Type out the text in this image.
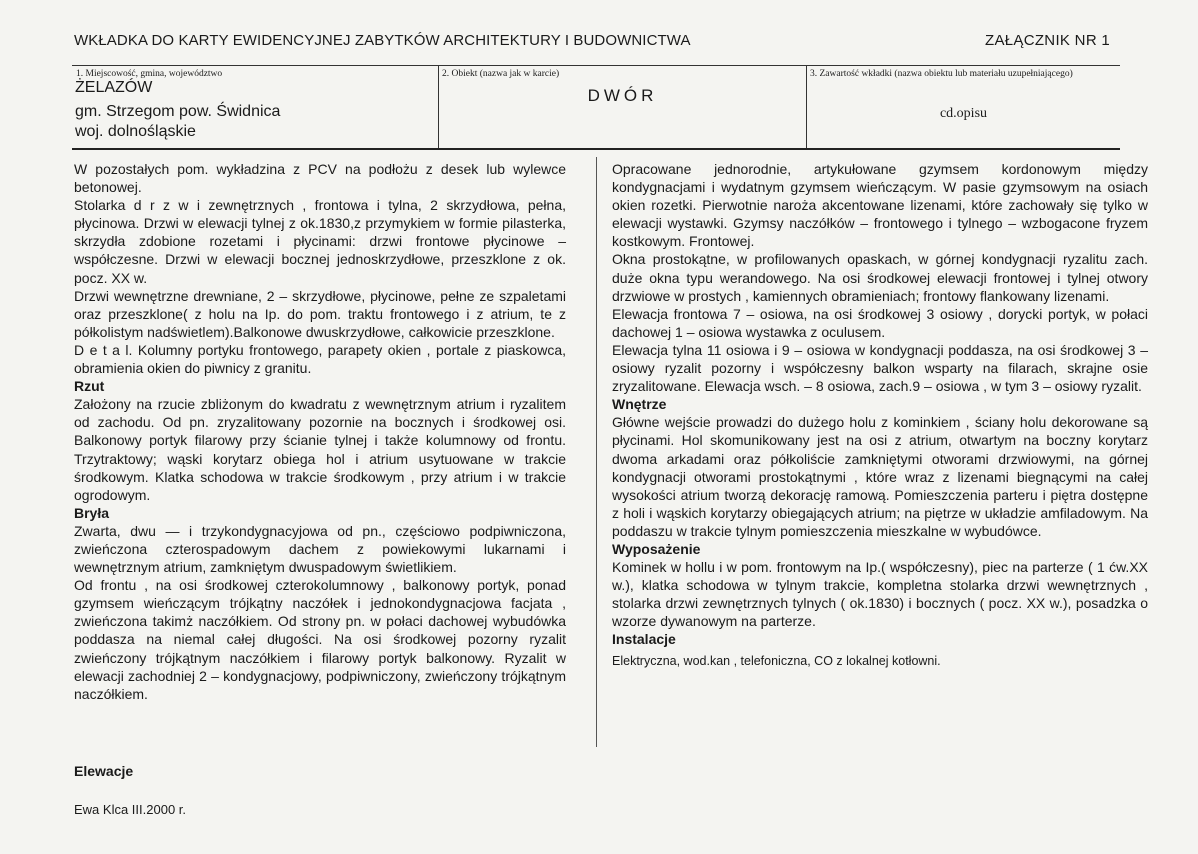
WKŁADKA DO KARTY EWIDENCYJNEJ ZABYTKÓW ARCHITEKTURY I BUDOWNICTWA	ZAŁĄCZNIK NR 1
1. Miejscowość, gmina, województwo
ŻELAZÓW
gm. Strzegom pow. Świdnica
woj. dolnośląskie
2. Obiekt (nazwa jak w karcie)
DWÓR
3. Zawartość wkładki (nazwa obiektu lub materiału uzupełniającego)
cd.opisu

W pozostałych pom. wykładzina z PCV na podłożu z desek lub wylewce betonowej.

Stolarka d r z w i zewnętrznych , frontowa i tylna, 2 skrzydłowa, pełna, płycinowa. Drzwi w elewacji tylnej z ok.1830,z przymykiem w formie pilasterka, skrzydła zdobione rozetami i płycinami: drzwi frontowe płycinowe – współczesne. Drzwi w elewacji bocznej jednoskrzydłowe, przeszklone z ok. pocz. XX w.

Drzwi wewnętrzne drewniane, 2 – skrzydłowe, płycinowe, pełne ze szpaletami oraz przeszklone( z holu na Ip. do pom. traktu frontowego i z atrium, te z półkolistym nadświetlem).Balkonowe dwuskrzydłowe, całkowicie przeszklone.

D e t a l. Kolumny portyku frontowego, parapety okien , portale z piaskowca, obramienia okien do piwnicy z granitu.

Rzut

Założony na rzucie zbliżonym do kwadratu z wewnętrznym atrium i ryzalitem od zachodu. Od pn. zryzalitowany pozornie na bocznych i środkowej osi. Balkonowy portyk filarowy przy ścianie tylnej i także kolumnowy od frontu. Trzytraktowy; wąski korytarz obiega hol i atrium usytuowane w trakcie środkowym. Klatka schodowa w trakcie środkowym , przy atrium i w trakcie ogrodowym.

Bryła

Zwarta, dwu — i trzykondygnacyjowa od pn., częściowo podpiwniczona, zwieńczona czterospadowym dachem z powiekowymi lukarnami i wewnętrznym atrium, zamkniętym dwuspadowym świetlikiem.

Od frontu , na osi środkowej czterokolumnowy , balkonowy portyk, ponad gzymsem wieńczącym trójkątny naczółek i jednokondygnacjowa facjata , zwieńczona takimż naczółkiem. Od strony pn. w połaci dachowej wybudówka poddasza na niemal całej długości. Na osi środkowej pozorny ryzalit zwieńczony trójkątnym naczółkiem i filarowy portyk balkonowy. Ryzalit w elewacji zachodniej 2 – kondygnacjowy, podpiwniczony, zwieńczony trójkątnym naczółkiem.

Opracowane jednorodnie, artykułowane gzymsem kordonowym między kondygnacjami i wydatnym gzymsem wieńczącym. W pasie gzymsowym na osiach okien rozetki. Pierwotnie naroża akcentowane lizenami, które zachowały się tylko w elewacji wystawki. Gzymsy naczółków – frontowego i tylnego – wzbogacone fryzem kostkowym. Frontowej.

Okna prostokątne, w profilowanych opaskach, w górnej kondygnacji ryzalitu zach. duże okna typu werandowego. Na osi środkowej elewacji frontowej i tylnej otwory drzwiowe w prostych , kamiennych obramieniach; frontowy flankowany lizenami.

Elewacja frontowa 7 – osiowa, na osi środkowej 3 osiowy , dorycki portyk, w połaci dachowej 1 – osiowa wystawka z oculusem.

Elewacja tylna 11 osiowa i 9 – osiowa w kondygnacji poddasza, na osi środkowej 3 – osiowy ryzalit pozorny i współczesny balkon wsparty na filarach, skrajne osie zryzalitowane. Elewacja wsch. – 8 osiowa, zach.9 – osiowa , w tym 3 – osiowy ryzalit.

Wnętrze

Główne wejście prowadzi do dużego holu z kominkiem , ściany holu dekorowane są płycinami. Hol skomunikowany jest na osi z atrium, otwartym na boczny korytarz dwoma arkadami oraz półkoliście zamkniętymi otworami drzwiowymi, na górnej kondygnacji otworami prostokątnymi , które wraz z lizenami biegnącymi na całej wysokości atrium tworzą dekorację ramową. Pomieszczenia parteru i piętra dostępne z holi i wąskich korytarzy obiegających atrium; na piętrze w układzie amfiladowym. Na poddaszu w trakcie tylnym pomieszczenia mieszkalne w wybudówce.

Wyposażenie

Kominek w hollu i w pom. frontowym na Ip.( współczesny), piec na parterze ( 1 ćw.XX w.), klatka schodowa w tylnym trakcie, kompletna stolarka drzwi wewnętrznych , stolarka drzwi zewnętrznych tylnych ( ok.1830) i bocznych ( pocz. XX w.), posadzka o wzorze dywanowym na parterze.

Instalacje

Elektryczna, wod.kan , telefoniczna, CO z lokalnej kotłowni.

Elewacje
Ewa Klca III.2000 r.
